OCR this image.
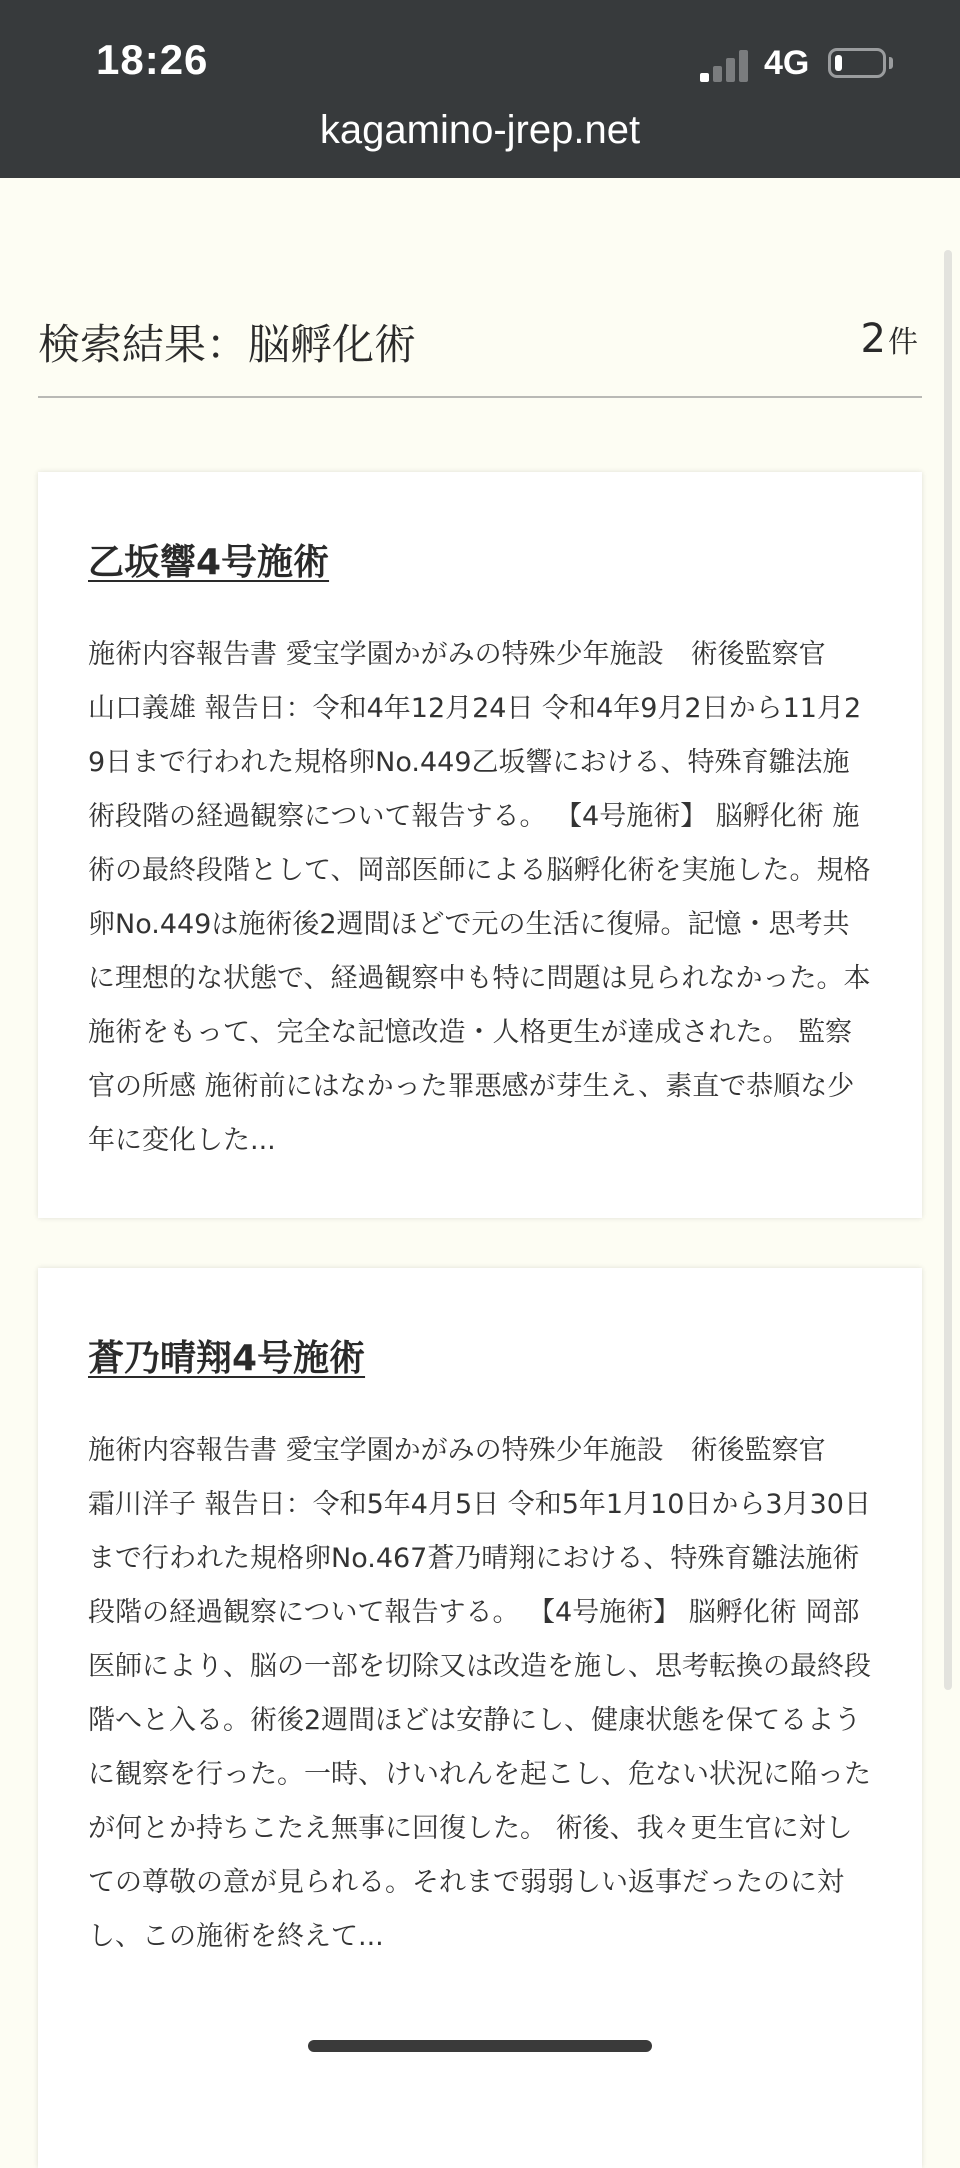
18:26	4G
kagamino-jrep.net
検索結果：脳孵化術	2件
乙坂響4号施術
施術内容報告書 愛宝学園かがみの特殊少年施設　術後監察官　山口義雄 報告日：令和4年12月24日 令和4年9月2日から11月29日まで行われた規格卵No.449乙坂響における、特殊育雛法施術段階の経過観察について報告する。 【4号施術】 脳孵化術 施術の最終段階として、岡部医師による脳孵化術を実施した。規格卵No.449は施術後2週間ほどで元の生活に復帰。記憶・思考共に理想的な状態で、経過観察中も特に問題は見られなかった。本施術をもって、完全な記憶改造・人格更生が達成された。 監察官の所感 施術前にはなかった罪悪感が芽生え、素直で恭順な少年に変化した...
蒼乃晴翔4号施術
施術内容報告書 愛宝学園かがみの特殊少年施設　術後監察官　霜川洋子 報告日：令和5年4月5日 令和5年1月10日から3月30日まで行われた規格卵No.467蒼乃晴翔における、特殊育雛法施術段階の経過観察について報告する。 【4号施術】 脳孵化術 岡部医師により、脳の一部を切除又は改造を施し、思考転換の最終段階へと入る。術後2週間ほどは安静にし、健康状態を保てるように観察を行った。一時、けいれんを起こし、危ない状況に陥ったが何とか持ちこたえ無事に回復した。 術後、我々更生官に対しての尊敬の意が見られる。それまで弱弱しい返事だったのに対し、この施術を終えて...
